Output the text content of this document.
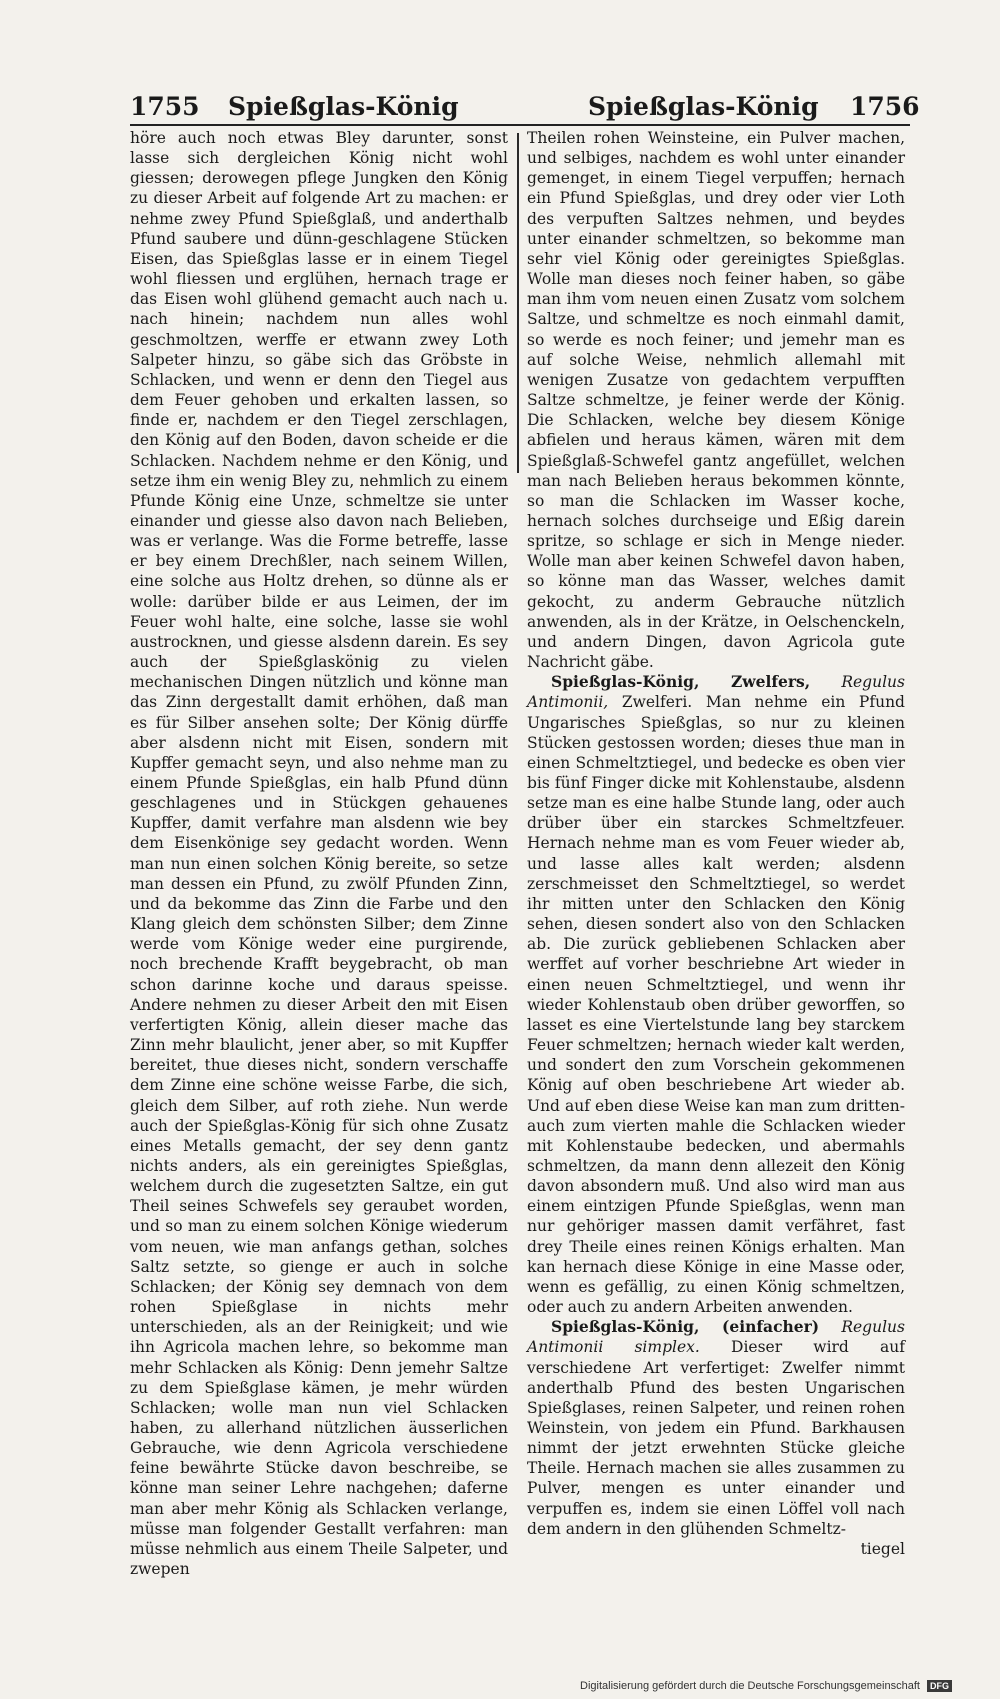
1755 Spießglas-König	Spießglas-König 1756

höre auch noch etwas Bley darunter, sonst lasse sich dergleichen König nicht wohl giessen; derowegen pflege Jungken den König zu dieser Arbeit auf folgende Art zu machen: er nehme zwey Pfund Spießglaß, und anderthalb Pfund saubere und dünn-geschlagene Stücken Eisen, das Spießglas lasse er in einem Tiegel wohl fliessen und erglühen, hernach trage er das Eisen wohl glühend gemacht auch nach u. nach hinein; nachdem nun alles wohl geschmoltzen, werffe er etwann zwey Loth Salpeter hinzu, so gäbe sich das Gröbste in Schlacken, und wenn er denn den Tiegel aus dem Feuer gehoben und erkalten lassen, so finde er, nachdem er den Tiegel zerschlagen, den König auf den Boden, davon scheide er die Schlacken. Nachdem nehme er den König, und setze ihm ein wenig Bley zu, nehmlich zu einem Pfunde König eine Unze, schmeltze sie unter einander und giesse also davon nach Belieben, was er verlange. Was die Forme betreffe, lasse er bey einem Drechßler, nach seinem Willen, eine solche aus Holtz drehen, so dünne als er wolle: darüber bilde er aus Leimen, der im Feuer wohl halte, eine solche, lasse sie wohl austrocknen, und giesse alsdenn darein. Es sey auch der Spießglaskönig zu vielen mechanischen Dingen nützlich und könne man das Zinn dergestallt damit erhöhen, daß man es für Silber ansehen solte; Der König dürffe aber alsdenn nicht mit Eisen, sondern mit Kupffer gemacht seyn, und also nehme man zu einem Pfunde Spießglas, ein halb Pfund dünn geschlagenes und in Stückgen gehauenes Kupffer, damit verfahre man alsdenn wie bey dem Eisenkönige sey gedacht worden. Wenn man nun einen solchen König bereite, so setze man dessen ein Pfund, zu zwölf Pfunden Zinn, und da bekomme das Zinn die Farbe und den Klang gleich dem schönsten Silber; dem Zinne werde vom Könige weder eine purgirende, noch brechende Krafft beygebracht, ob man schon darinne koche und daraus speisse. Andere nehmen zu dieser Arbeit den mit Eisen verfertigten König, allein dieser mache das Zinn mehr blaulicht, jener aber, so mit Kupffer bereitet, thue dieses nicht, sondern verschaffe dem Zinne eine schöne weisse Farbe, die sich, gleich dem Silber, auf roth ziehe. Nun werde auch der Spießglas-König für sich ohne Zusatz eines Metalls gemacht, der sey denn gantz nichts anders, als ein gereinigtes Spießglas, welchem durch die zugesetzten Saltze, ein gut Theil seines Schwefels sey geraubet worden, und so man zu einem solchen Könige wiederum vom neuen, wie man anfangs gethan, solches Saltz setzte, so gienge er auch in solche Schlacken; der König sey demnach von dem rohen Spießglase in nichts mehr unterschieden, als an der Reinigkeit; und wie ihn Agricola machen lehre, so bekomme man mehr Schlacken als König: Denn jemehr Saltze zu dem Spießglase kämen, je mehr würden Schlacken; wolle man nun viel Schlacken haben, zu allerhand nützlichen äusserlichen Gebrauche, wie denn Agricola verschiedene feine bewährte Stücke davon beschreibe, se könne man seiner Lehre nachgehen; daferne man aber mehr König als Schlacken verlange, müsse man folgender Gestallt verfahren: man müsse nehmlich aus einem Theile Salpeter, und zwepen

Theilen rohen Weinsteine, ein Pulver machen, und selbiges, nachdem es wohl unter einander gemenget, in einem Tiegel verpuffen; hernach ein Pfund Spießglas, und drey oder vier Loth des verpuften Saltzes nehmen, und beydes unter einander schmeltzen, so bekomme man sehr viel König oder gereinigtes Spießglas. Wolle man dieses noch feiner haben, so gäbe man ihm vom neuen einen Zusatz vom solchem Saltze, und schmeltze es noch einmahl damit, so werde es noch feiner; und jemehr man es auf solche Weise, nehmlich allemahl mit wenigen Zusatze von gedachtem verpufften Saltze schmeltze, je feiner werde der König. Die Schlacken, welche bey diesem Könige abfielen und heraus kämen, wären mit dem Spießglaß-Schwefel gantz angefüllet, welchen man nach Belieben heraus bekommen könnte, so man die Schlacken im Wasser koche, hernach solches durchseige und Eßig darein spritze, so schlage er sich in Menge nieder. Wolle man aber keinen Schwefel davon haben, so könne man das Wasser, welches damit gekocht, zu anderm Gebrauche nützlich anwenden, als in der Krätze, in Oelschenckeln, und andern Dingen, davon Agricola gute Nachricht gäbe.

Spießglas-König, Zwelfers, Regulus Antimonii, Zwelferi. Man nehme ein Pfund Ungarisches Spießglas, so nur zu kleinen Stücken gestossen worden; dieses thue man in einen Schmeltztiegel, und bedecke es oben vier bis fünf Finger dicke mit Kohlenstaube, alsdenn setze man es eine halbe Stunde lang, oder auch drüber über ein starckes Schmeltzfeuer. Hernach nehme man es vom Feuer wieder ab, und lasse alles kalt werden; alsdenn zerschmeisset den Schmeltztiegel, so werdet ihr mitten unter den Schlacken den König sehen, diesen sondert also von den Schlacken ab. Die zurück gebliebenen Schlacken aber werffet auf vorher beschriebne Art wieder in einen neuen Schmeltztiegel, und wenn ihr wieder Kohlenstaub oben drüber geworffen, so lasset es eine Viertelstunde lang bey starckem Feuer schmeltzen; hernach wieder kalt werden, und sondert den zum Vorschein gekommenen König auf oben beschriebene Art wieder ab. Und auf eben diese Weise kan man zum dritten-auch zum vierten mahle die Schlacken wieder mit Kohlenstaube bedecken, und abermahls schmeltzen, da mann denn allezeit den König davon absondern muß. Und also wird man aus einem eintzigen Pfunde Spießglas, wenn man nur gehöriger massen damit verfähret, fast drey Theile eines reinen Königs erhalten. Man kan hernach diese Könige in eine Masse oder, wenn es gefällig, zu einen König schmeltzen, oder auch zu andern Arbeiten anwenden.

Spießglas-König, (einfacher) Regulus Antimonii simplex. Dieser wird auf verschiedene Art verfertiget: Zwelfer nimmt anderthalb Pfund des besten Ungarischen Spießglases, reinen Salpeter, und reinen rohen Weinstein, von jedem ein Pfund. Barkhausen nimmt der jetzt erwehnten Stücke gleiche Theile. Hernach machen sie alles zusammen zu Pulver, mengen es unter einander und verpuffen es, indem sie einen Löffel voll nach dem andern in den glühenden Schmeltz-

tiegel

Digitalisierung gefördert durch die Deutsche Forschungsgemeinschaft DFG
